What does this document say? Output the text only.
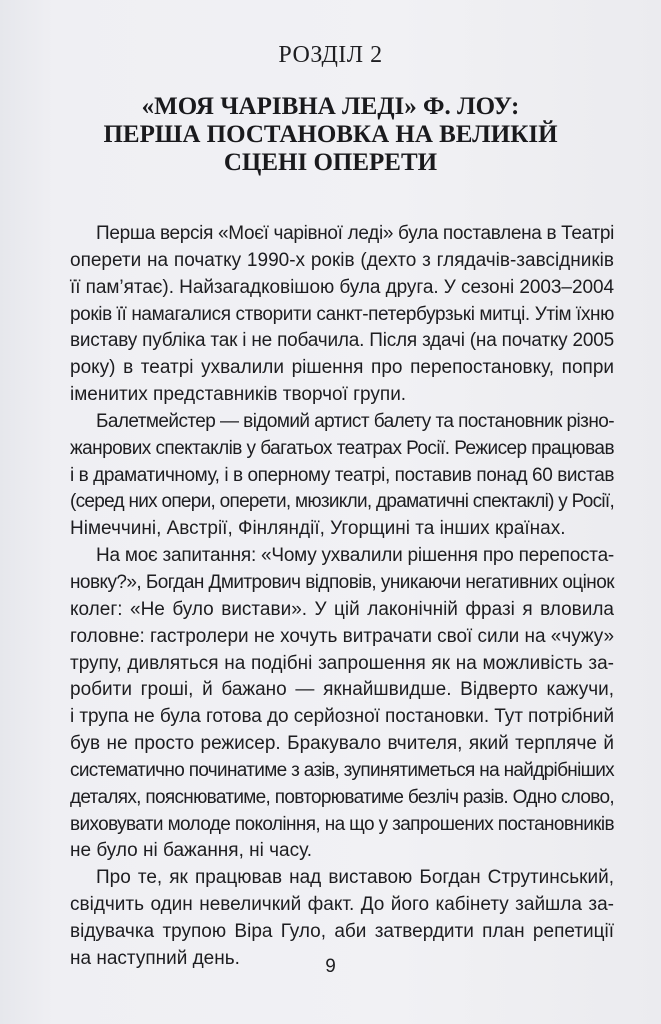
РОЗДІЛ 2
«МОЯ ЧАРІВНА ЛЕДІ» Ф. ЛОУ:
ПЕРША ПОСТАНОВКА НА ВЕЛИКІЙ
СЦЕНІ ОПЕРЕТИ

Перша версія «Моєї чарівної леді» була поставлена в Театрі
оперети на початку 1990-х років (дехто з глядачів-завсідників
її пам’ятає). Найзагадковішою була друга. У сезоні 2003–2004
років її намагалися створити санкт-петербурзькі митці. Утім їхню
виставу публіка так і не побачила. Після здачі (на початку 2005
року) в театрі ухвалили рішення про перепостановку, попри
іменитих представників творчої групи.

Балетмейстер — відомий артист балету та постановник різно-
жанрових спектаклів у багатьох театрах Росії. Режисер працював
і в драматичному, і в оперному театрі, поставив понад 60 вистав
(серед них опери, оперети, мюзикли, драматичні спектаклі) у Росії,
Німеччині, Австрії, Фінляндії, Угорщині та інших країнах.

На моє запитання: «Чому ухвалили рішення про перепоста-
новку?», Богдан Дмитрович відповів, уникаючи негативних оцінок
колег: «Не було вистави». У цій лаконічній фразі я вловила
головне: гастролери не хочуть витрачати свої сили на «чужу»
трупу, дивляться на подібні запрошення як на можливість за-
робити гроші, й бажано — якнайшвидше. Відверто кажучи,
і трупа не була готова до серйозної постановки. Тут потрібний
був не просто режисер. Бракувало вчителя, який терпляче й
систематично починатиме з азів, зупинятиметься на найдрібніших
деталях, пояснюватиме, повторюватиме безліч разів. Одно слово,
виховувати молоде покоління, на що у запрошених постановників
не було ні бажання, ні часу.

Про те, як працював над виставою Богдан Струтинський,
свідчить один невеличкий факт. До його кабінету зайшла за-
відувачка трупою Віра Гуло, аби затвердити план репетиції
на наступний день.	9
